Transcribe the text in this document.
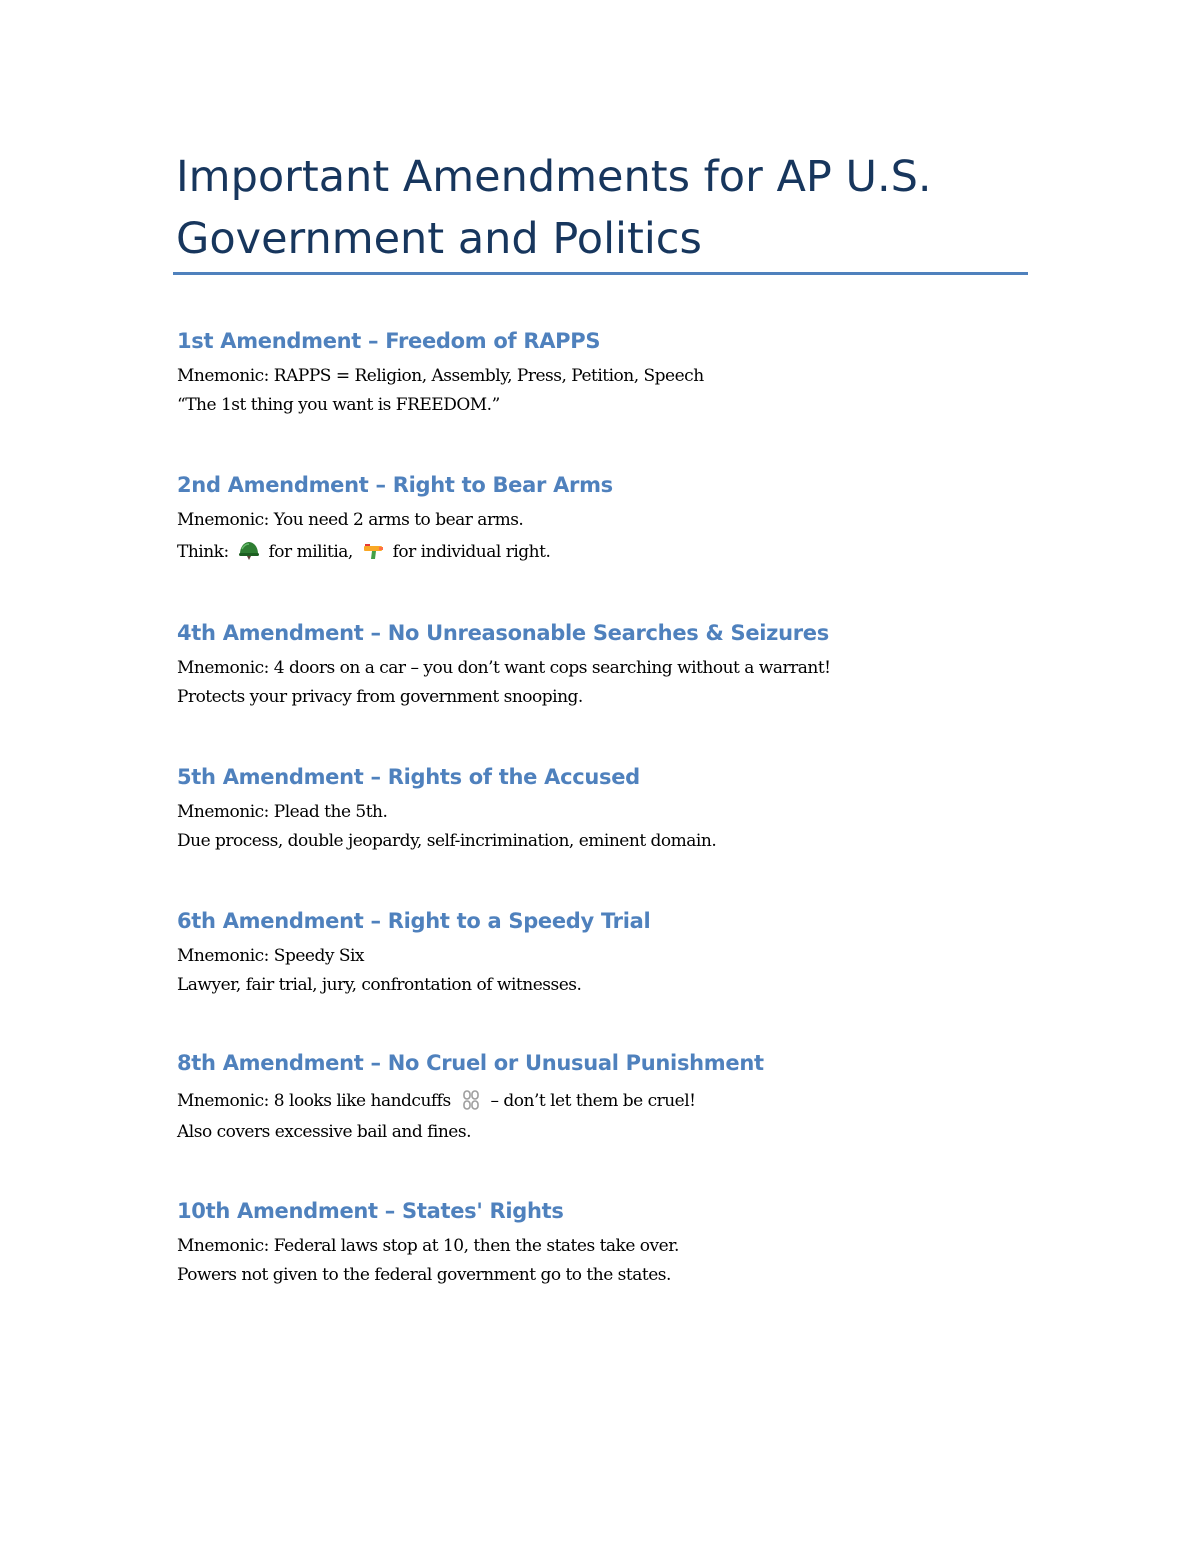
Important Amendments for AP U.S.
Government and Politics
1st Amendment – Freedom of RAPPS

Mnemonic: RAPPS = Religion, Assembly, Press, Petition, Speech

“The 1st thing you want is FREEDOM.”

2nd Amendment – Right to Bear Arms

Mnemonic: You need 2 arms to bear arms.

Think: for militia, for individual right.

4th Amendment – No Unreasonable Searches & Seizures

Mnemonic: 4 doors on a car – you don’t want cops searching without a warrant!

Protects your privacy from government snooping.

5th Amendment – Rights of the Accused

Mnemonic: Plead the 5th.

Due process, double jeopardy, self-incrimination, eminent domain.

6th Amendment – Right to a Speedy Trial

Mnemonic: Speedy Six

Lawyer, fair trial, jury, confrontation of witnesses.

8th Amendment – No Cruel or Unusual Punishment

Mnemonic: 8 looks like handcuffs – don’t let them be cruel!

Also covers excessive bail and fines.

10th Amendment – States' Rights

Mnemonic: Federal laws stop at 10, then the states take over.

Powers not given to the federal government go to the states.
